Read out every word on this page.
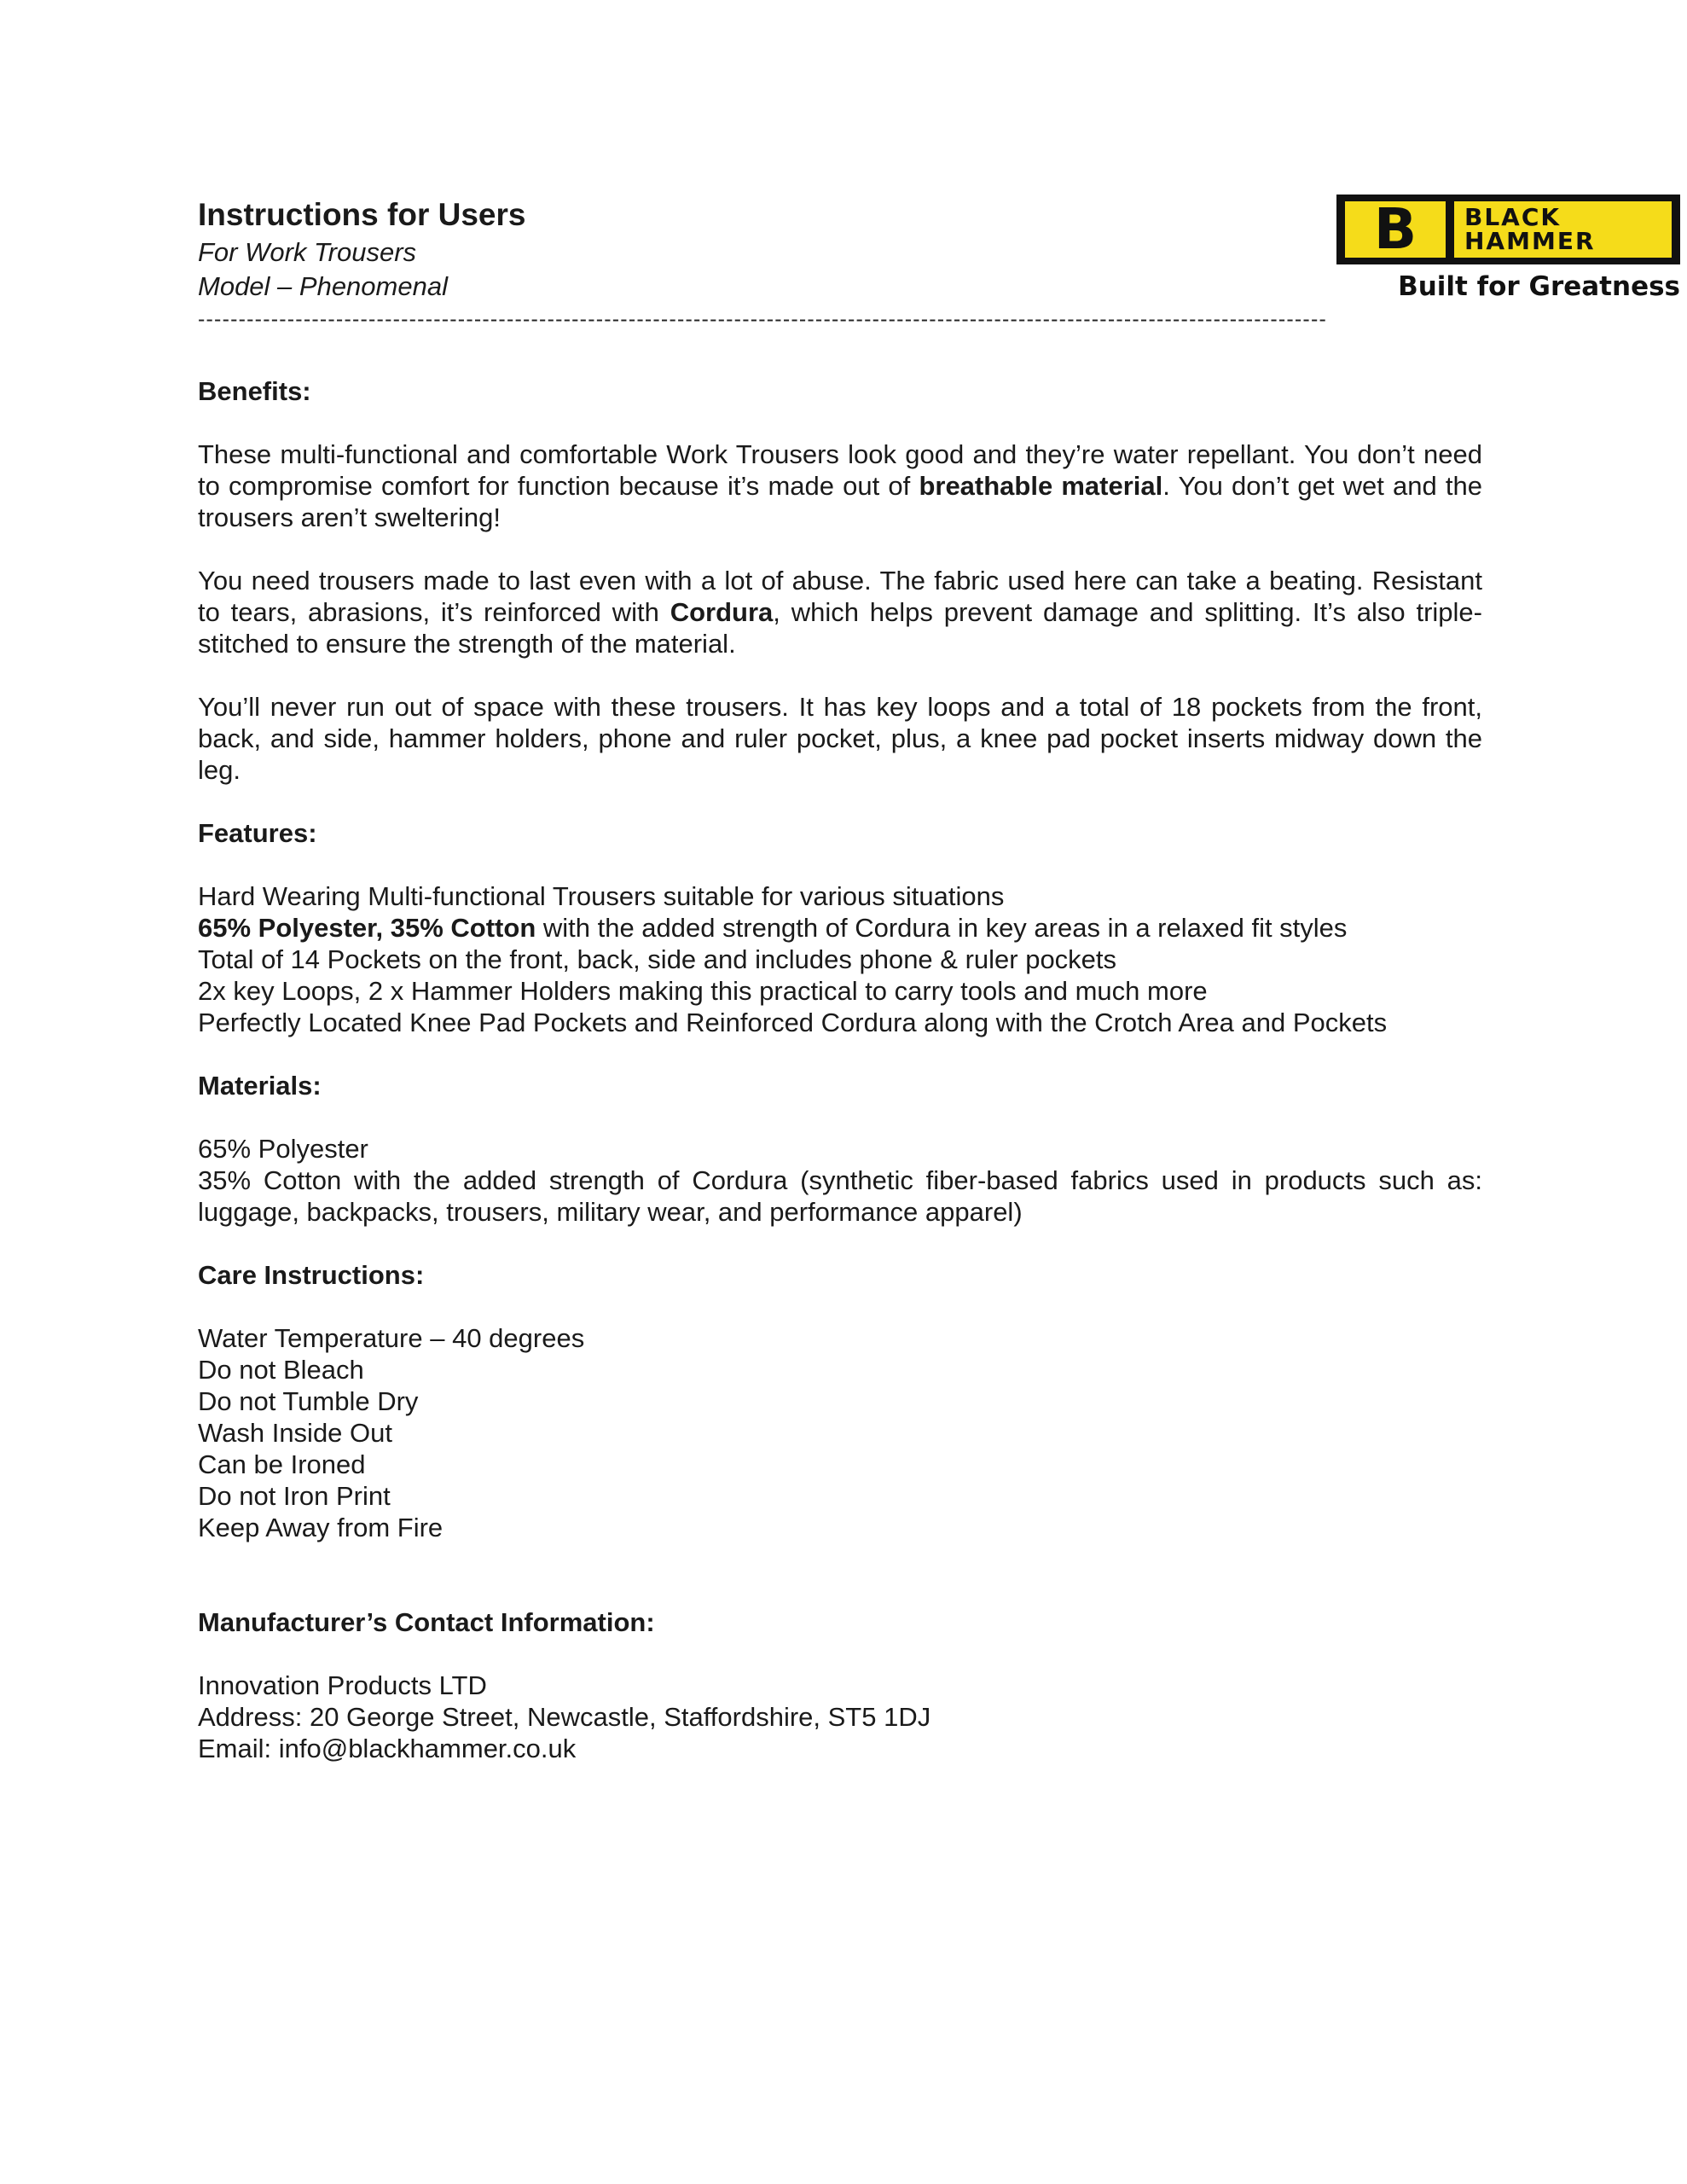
Instructions for Users
For Work Trousers
Model – Phenomenal
B	BLACK
HAMMER
Built for Greatness
-------------------------------------------------------------------------------------------------------------------------------------------
Benefits:

These multi-functional and comfortable Work Trousers look good and they’re water repellant. You don’t need to compromise comfort for function because it’s made out of breathable material. You don’t get wet and the trousers aren’t sweltering!

You need trousers made to last even with a lot of abuse. The fabric used here can take a beating. Resistant to tears, abrasions, it’s reinforced with Cordura, which helps prevent damage and splitting. It’s also triple-stitched to ensure the strength of the material.

You’ll never run out of space with these trousers. It has key loops and a total of 18 pockets from the front, back, and side, hammer holders, phone and ruler pocket, plus, a knee pad pocket inserts midway down the leg.

Features:
Hard Wearing Multi-functional Trousers suitable for various situations
65% Polyester, 35% Cotton with the added strength of Cordura in key areas in a relaxed fit styles
Total of 14 Pockets on the front, back, side and includes phone & ruler pockets
2x key Loops, 2 x Hammer Holders making this practical to carry tools and much more
Perfectly Located Knee Pad Pockets and Reinforced Cordura along with the Crotch Area and Pockets
Materials:
65% Polyester

35% Cotton with the added strength of Cordura (synthetic fiber-based fabrics used in products such as: luggage, backpacks, trousers, military wear, and performance apparel)

Care Instructions:
Water Temperature – 40 degrees
Do not Bleach
Do not Tumble Dry
Wash Inside Out
Can be Ironed
Do not Iron Print
Keep Away from Fire
Manufacturer’s Contact Information:
Innovation Products LTD
Address: 20 George Street, Newcastle, Staffordshire, ST5 1DJ
Email: info@blackhammer.co.uk
